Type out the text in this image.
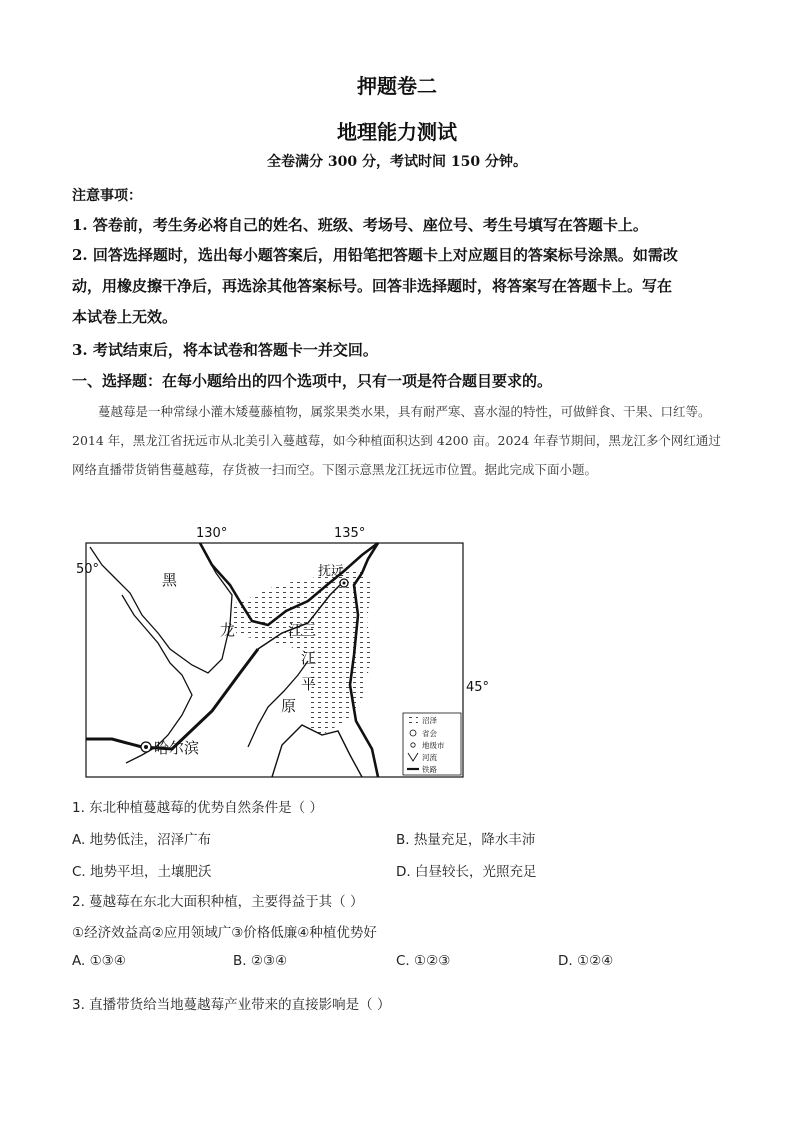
押题卷二
地理能力测试
全卷满分 300 分，考试时间 150 分钟。
注意事项：
1. 答卷前，考生务必将自己的姓名、班级、考场号、座位号、考生号填写在答题卡上。
2. 回答选择题时，选出每小题答案后，用铅笔把答题卡上对应题目的答案标号涂黑。如需改
动，用橡皮擦干净后，再选涂其他答案标号。回答非选择题时，将答案写在答题卡上。写在
本试卷上无效。
3. 考试结束后，将本试卷和答题卡一并交回。
一、选择题：在每小题给出的四个选项中，只有一项是符合题目要求的。
蔓越莓是一种常绿小灌木矮蔓藤植物，属浆果类水果，具有耐严寒、喜水湿的特性，可做鲜食、干果、口红等。2014 年，黑龙江省抚远市从北美引入蔓越莓，如今种植面积达到 4200 亩。2024 年春节期间，黑龙江多个网红通过网络直播带货销售蔓越莓，存货被一扫而空。下图示意黑龙江抚远市位置。据此完成下面小题。
130°	135°
50°
45°
抚远
哈尔滨
黑
龙	三
江
平
原
江
沼泽
省会
地级市
河流
铁路
1. 东北种植蔓越莓的优势自然条件是（ ）
A. 地势低洼，沼泽广布	B. 热量充足，降水丰沛
C. 地势平坦，土壤肥沃	D. 白昼较长，光照充足
2. 蔓越莓在东北大面积种植，主要得益于其（ ）
①经济效益高②应用领域广③价格低廉④种植优势好
A. ①③④	B. ②③④	C. ①②③	D. ①②④
3. 直播带货给当地蔓越莓产业带来的直接影响是（ ）
